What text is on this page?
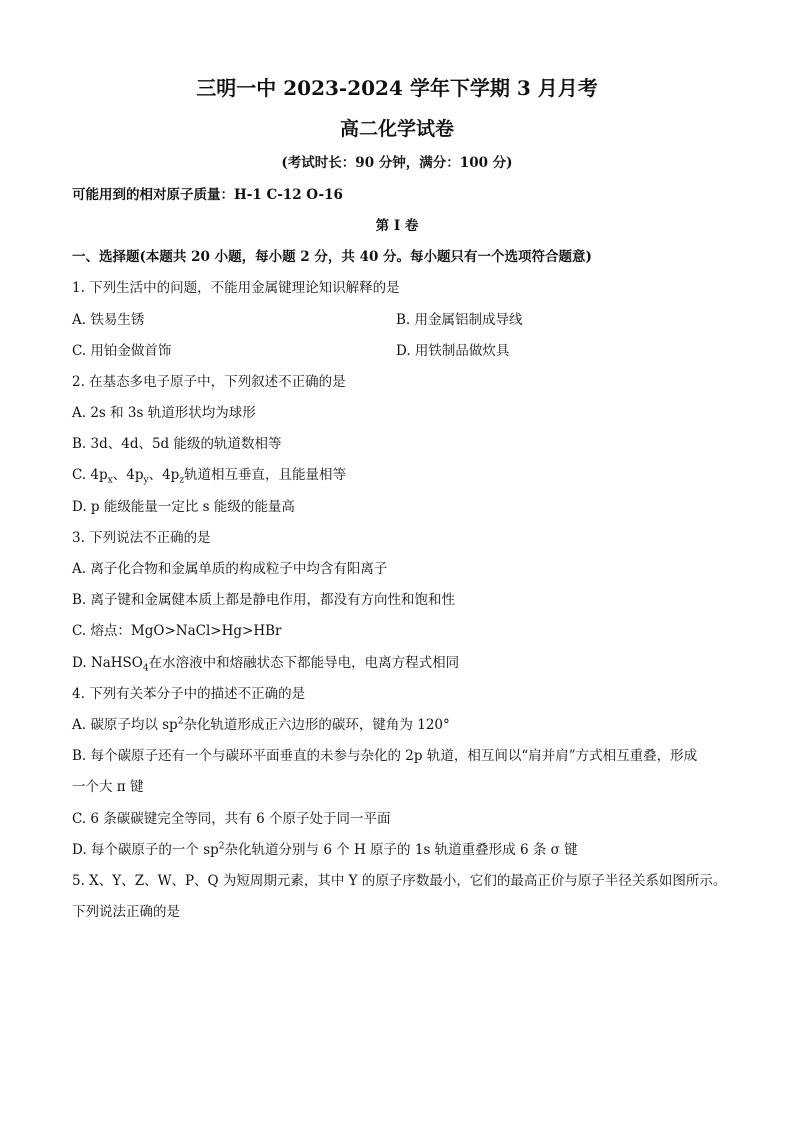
三明一中 2023-2024 学年下学期 3 月月考
高二化学试卷
(考试时长：90 分钟，满分：100 分)
可能用到的相对原子质量：H-1 C-12 O-16
第 I 卷
一、选择题(本题共 20 小题，每小题 2 分，共 40 分。每小题只有一个选项符合题意)
1. 下列生活中的问题，不能用金属键理论知识解释的是
A. 铁易生锈	B. 用金属铝制成导线
C. 用铂金做首饰	D. 用铁制品做炊具
2. 在基态多电子原子中，下列叙述不正确的是
A. 2s 和 3s 轨道形状均为球形
B. 3d、4d、5d 能级的轨道数相等
C. $4p_x$、$4p_y$、$4p_z$轨道相互垂直，且能量相等
D. p 能级能量一定比 s 能级的能量高
3. 下列说法不正确的是
A. 离子化合物和金属单质的构成粒子中均含有阳离子
B. 离子键和金属健本质上都是静电作用，都没有方向性和饱和性
C. 熔点：MgO>NaCl>Hg>HBr
D. NaHSO$_4$在水溶液中和熔融状态下都能导电，电离方程式相同
4. 下列有关苯分子中的描述不正确的是
A. 碳原子均以 $sp^2$杂化轨道形成正六边形的碳环，键角为 120°
B. 每个碳原子还有一个与碳环平面垂直的未参与杂化的 2p 轨道，相互间以“肩并肩”方式相互重叠，形成
一个大 π 键
C. 6 条碳碳键完全等同，共有 6 个原子处于同一平面
D. 每个碳原子的一个 $sp^2$杂化轨道分别与 6 个 H 原子的 1s 轨道重叠形成 6 条 σ 键
5. X、Y、Z、W、P、Q 为短周期元素，其中 Y 的原子序数最小，它们的最高正价与原子半径关系如图所示。
下列说法正确的是
